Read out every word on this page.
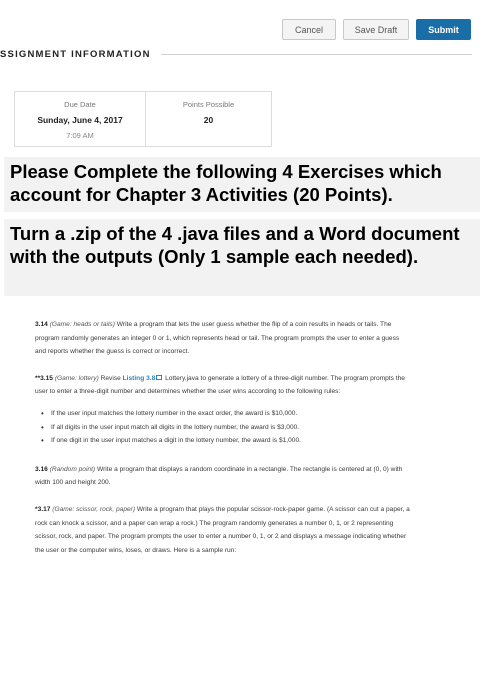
Cancel	Save Draft	Submit
SSIGNMENT INFORMATION
Due Date
Sunday, June 4, 2017
7:09 AM
Points Possible
20
Please Complete the following 4 Exercises which account for Chapter 3 Activities (20 Points).
Turn a .zip of the 4 .java files and a Word document with the outputs (Only 1 sample each needed).

3.14 (Game: heads or tails) Write a program that lets the user guess whether the flip of a coin results in heads or tails. The program randomly generates an integer 0 or 1, which represents head or tail. The program prompts the user to enter a guess and reports whether the guess is correct or incorrect.

**3.15 (Game: lottery) Revise Listing 3.8 Lottery.java to generate a lottery of a three-digit number. The program prompts the user to enter a three-digit number and determines whether the user wins according to the following rules:

• If the user input matches the lottery number in the exact order, the award is $10,000.
• If all digits in the user input match all digits in the lottery number, the award is $3,000.
• If one digit in the user input matches a digit in the lottery number, the award is $1,000.

3.16 (Random point) Write a program that displays a random coordinate in a rectangle. The rectangle is centered at (0, 0) with width 100 and height 200.

*3.17 (Game: scissor, rock, paper) Write a program that plays the popular scissor-rock-paper game. (A scissor can cut a paper, a rock can knock a scissor, and a paper can wrap a rock.) The program randomly generates a number 0, 1, or 2 representing scissor, rock, and paper. The program prompts the user to enter a number 0, 1, or 2 and displays a message indicating whether the user or the computer wins, loses, or draws. Here is a sample run:
